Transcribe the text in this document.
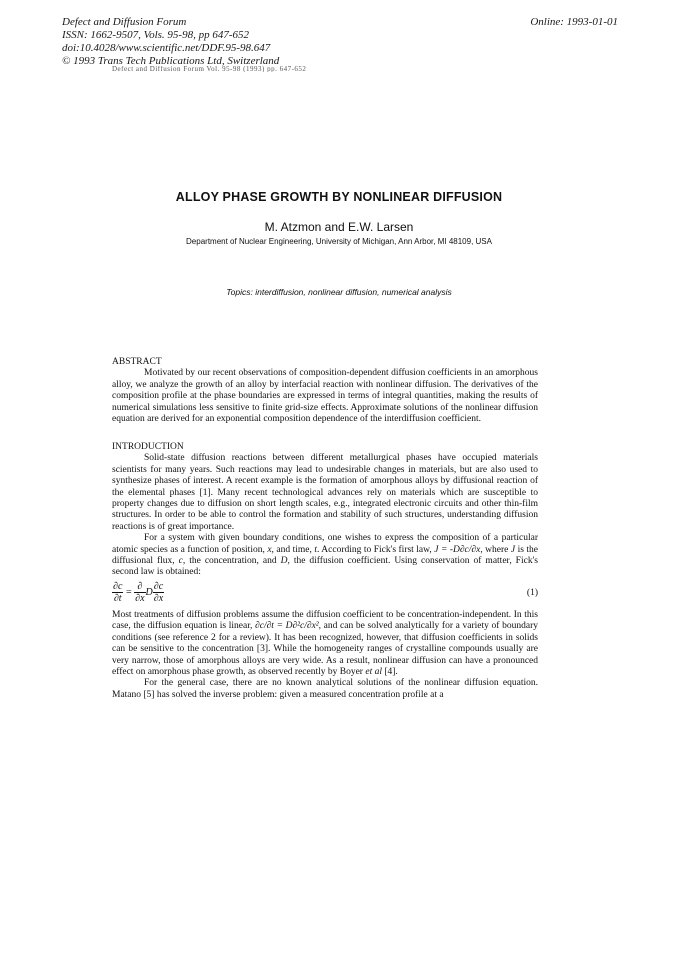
Defect and Diffusion Forum
ISSN: 1662-9507, Vols. 95-98, pp 647-652
doi:10.4028/www.scientific.net/DDF.95-98.647
© 1993 Trans Tech Publications Ltd, Switzerland
Online: 1993-01-01
Defect and Diffusion Forum Vol. 95-98 (1993) pp. 647-652
ALLOY PHASE GROWTH BY NONLINEAR DIFFUSION
M. Atzmon and E.W. Larsen
Department of Nuclear Engineering, University of Michigan, Ann Arbor, MI 48109, USA
Topics: interdiffusion, nonlinear diffusion, numerical analysis
ABSTRACT

Motivated by our recent observations of composition-dependent diffusion coefficients in an amorphous alloy, we analyze the growth of an alloy by interfacial reaction with nonlinear diffusion. The derivatives of the composition profile at the phase boundaries are expressed in terms of integral quantities, making the results of numerical simulations less sensitive to finite grid-size effects. Approximate solutions of the nonlinear diffusion equation are derived for an exponential composition dependence of the interdiffusion coefficient.

INTRODUCTION

Solid-state diffusion reactions between different metallurgical phases have occupied materials scientists for many years. Such reactions may lead to undesirable changes in materials, but are also used to synthesize phases of interest. A recent example is the formation of amorphous alloys by diffusional reaction of the elemental phases [1]. Many recent technological advances rely on materials which are susceptible to property changes due to diffusion on short length scales, e.g., integrated electronic circuits and other thin-film structures. In order to be able to control the formation and stability of such structures, understanding diffusion reactions is of great importance.

For a system with given boundary conditions, one wishes to express the composition of a particular atomic species as a function of position, x, and time, t. According to Fick's first law, J = -D∂c/∂x, where J is the diffusional flux, c, the concentration, and D, the diffusion coefficient. Using conservation of matter, Fick's second law is obtained:

$\frac{\partial c}{\partial t} = \frac{\partial}{\partial x}$ D $\frac{\partial c}{\partial x}$	(1)

Most treatments of diffusion problems assume the diffusion coefficient to be concentration-independent. In this case, the diffusion equation is linear, ∂c/∂t = D∂²c/∂x², and can be solved analytically for a variety of boundary conditions (see reference 2 for a review). It has been recognized, however, that diffusion coefficients in solids can be sensitive to the concentration [3]. While the homogeneity ranges of crystalline compounds usually are very narrow, those of amorphous alloys are very wide. As a result, nonlinear diffusion can have a pronounced effect on amorphous phase growth, as observed recently by Boyer et al [4].

For the general case, there are no known analytical solutions of the nonlinear diffusion equation. Matano [5] has solved the inverse problem: given a measured concentration profile at a
